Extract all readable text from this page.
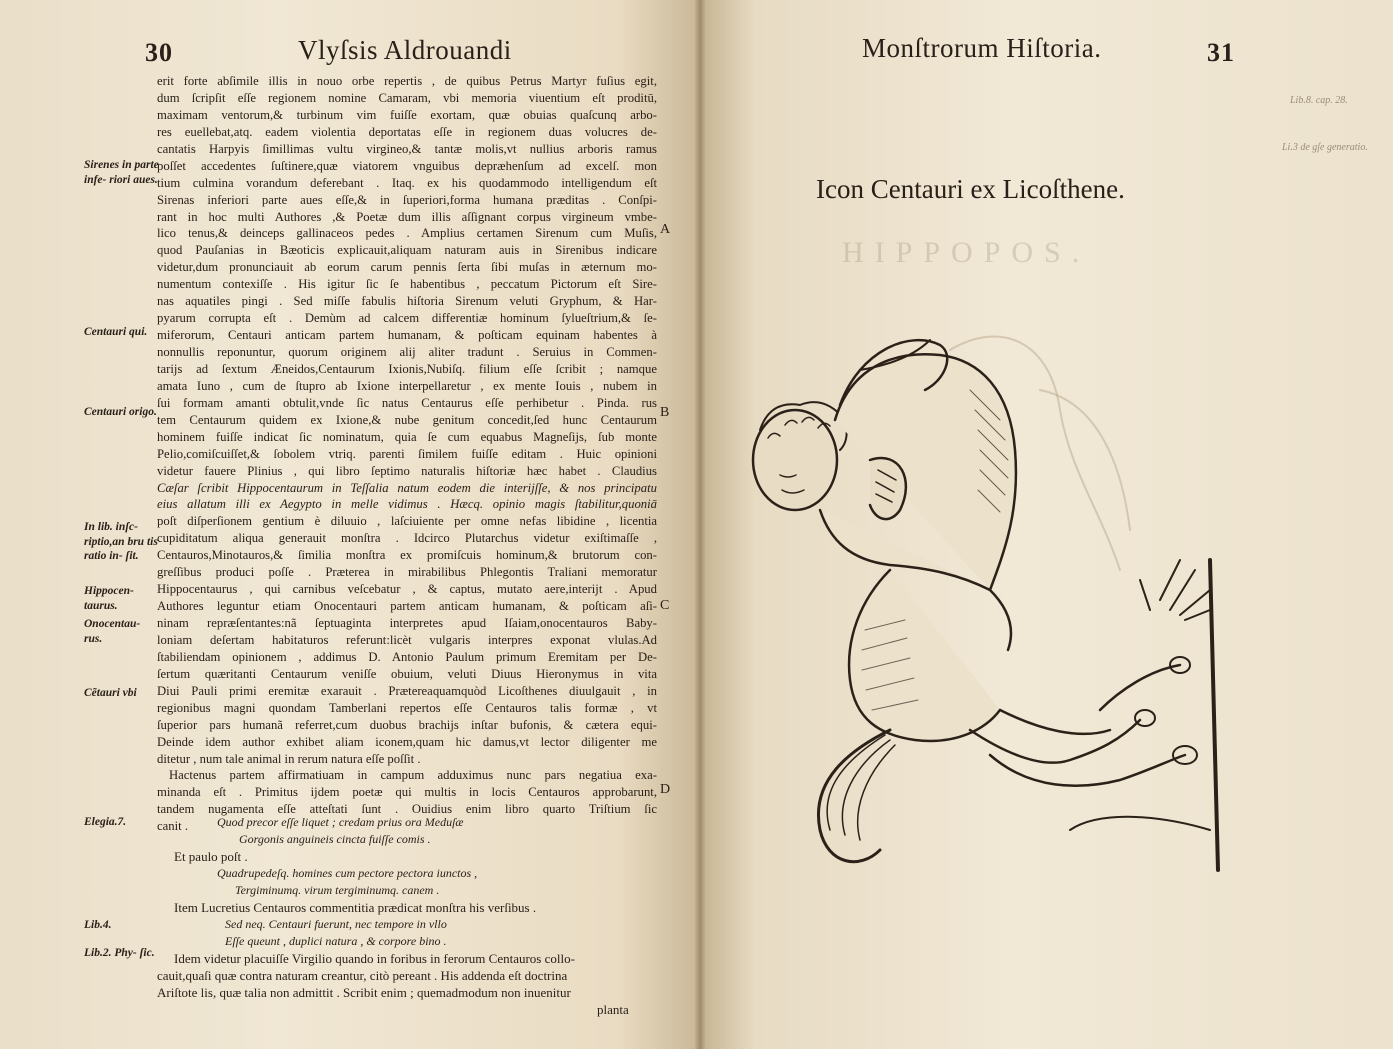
30	Vlyſsis Aldrouandi
erit forte abſimile illis in nouo orbe repertis , de quibus Petrus Martyr fuſius egit,
dum ſcripſit eſſe regionem nomine Camaram, vbi memoria viuentium eſt proditū,
maximam ventorum,& turbinum vim fuiſſe exortam, quæ obuias quaſcunq arbo-
res euellebat,atq. eadem violentia deportatas eſſe in regionem duas volucres de-
cantatis Harpyis ſimillimas vultu virgineo,& tantæ molis,vt nullius arboris ramus
poſſet accedentes ſuſtinere,quæ viatorem vnguibus depræhenſum ad excelſ. mon
tium culmina vorandum deferebant . Itaq. ex his quodammodo intelligendum eſt
Sirenas inferiori parte aues eſſe,& in ſuperiori,forma humana præditas . Conſpi-
rant in hoc multi Authores ,& Poetæ dum illis aſſignant corpus virgineum vmbe-
lico tenus,& deinceps gallinaceos pedes . Amplius certamen Sirenum cum Muſis,
quod Pauſanias in Bæoticis explicauit,aliquam naturam auis in Sirenibus indicare
videtur,dum pronunciauit ab eorum carum pennis ſerta ſibi muſas in æternum mo-
numentum contexiſſe . His igitur ſic ſe habentibus , peccatum Pictorum eſt Sire-
nas aquatiles pingi . Sed miſſe fabulis hiſtoria Sirenum veluti Gryphum, & Har-
pyarum corrupta eſt . Demùm ad calcem differentiæ hominum ſylueſtrium,& ſe-
miferorum, Centauri anticam partem humanam, & poſticam equinam habentes à
nonnullis reponuntur, quorum originem alij aliter tradunt . Seruius in Commen-
tarijs ad ſextum Æneidos,Centaurum Ixionis,Nubiſq. filium eſſe ſcribit ; namque
amata Iuno , cum de ſtupro ab Ixione interpellaretur , ex mente Iouis , nubem in
ſui formam amanti obtulit,vnde ſic natus Centaurus eſſe perhibetur . Pinda. rus
tem Centaurum quidem ex Ixione,& nube genitum concedit,ſed hunc Centaurum
hominem fuiſſe indicat ſic nominatum, quia ſe cum equabus Magneſijs, ſub monte
Pelio,comiſcuiſſet,& ſobolem vtriq. parenti ſimilem fuiſſe editam . Huic opinioni
videtur fauere Plinius , qui libro ſeptimo naturalis hiſtoriæ hæc habet . Claudius
Cæſar ſcribit Hippocentaurum in Teſſalia natum eodem die interijſſe, & nos principatu
eius allatum illi ex Aegypto in melle vidimus . Hæcq. opinio magis ſtabilitur,quoniā
poſt diſperſionem gentium è diluuio , laſciuiente per omne nefas libidine , licentia
cupiditatum aliqua generauit monſtra . Idcirco Plutarchus videtur exiſtimaſſe ,
Centauros,Minotauros,& ſimilia monſtra ex promiſcuis hominum,& brutorum con-
greſſibus produci poſſe . Præterea in mirabilibus Phlegontis Traliani memoratur
Hippocentaurus , qui carnibus veſcebatur , & captus, mutato aere,interijt . Apud
Authores leguntur etiam Onocentauri partem anticam humanam, & poſticam aſi-
ninam repræſentantes:nã ſeptuaginta interpretes apud Iſaiam,onocentauros Baby-
loniam deſertam habitaturos referunt:licèt vulgaris interpres exponat vlulas.Ad
ſtabiliendam opinionem , addimus D. Antonio Paulum primum Eremitam per De-
ſertum quæritanti Centaurum veniſſe obuium, veluti Diuus Hieronymus in vita
Diui Pauli primi eremitæ exarauit . Prætereaquamquòd Licoſthenes diuulgauit , in
regionibus magni quondam Tamberlani repertos eſſe Centauros talis formæ , vt
ſuperior pars humanã referret,cum duobus brachijs inſtar bufonis, & cætera equi-
Deinde idem author exhibet aliam iconem,quam hic damus,vt lector diligenter me
ditetur , num tale animal in rerum natura eſſe poſſit .
Hactenus partem affirmatiuam in campum adduximus nunc pars negatiua exa-
minanda eſt . Primitus ijdem poetæ qui multis in locis Centauros approbarunt,
tandem nugamenta eſſe atteſtati ſunt . Ouidius enim libro quarto Triſtium ſic
canit .
A
B
C
D
Sirenes in parte infe- riori aues.
Centauri qui.
Centauri origo.
In lib. inſc- riptio,an bru tis ratio in- ſit.
Hippocen- taurus.
Onocentau- rus.
Cẽtauri vbi
Elegia.7.
Lib.4.
Lib.2. Phy- ſic.
Quod precor eſſe liquet ; credam prius ora Meduſæ
Gorgonis anguineis cincta fuiſſe comis .
Et paulo poſt .
Quadrupedeſq. homines cum pectore pectora iunctos ,
Tergiminumq. virum tergiminumq. canem .
Item Lucretius Centauros commentitia prædicat monſtra his verſibus .
Sed neq. Centauri fuerunt, nec tempore in vllo
Eſſe queunt , duplici natura , & corpore bino .
Idem videtur placuiſſe Virgilio quando in foribus in ferorum Centauros collo-
cauit,quaſi quæ contra naturam creantur, citò pereant . His addenda eſt doctrina
Ariſtote lis, quæ talia non admittit . Scribit enim ; quemadmodum non inuenitur
planta
Monſtrorum Hiſtoria.	31
Lib.8. cap. 28.
Li.3 de gſe generatio.
Icon Centauri ex Licoſthene.
HIPPOPOS.
